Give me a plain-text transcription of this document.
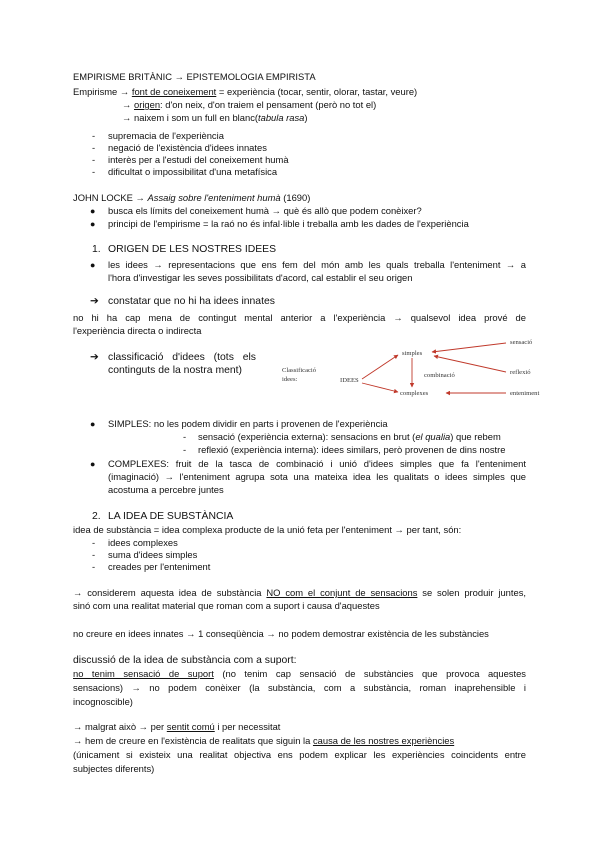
EMPIRISME BRITÀNIC → EPISTEMOLOGIA EMPIRISTA
Empirisme → font de coneixement = experiència (tocar, sentir, olorar, tastar, veure)
→ origen: d'on neix, d'on traiem el pensament (però no tot el)
→ naixem i som un full en blanc(tabula rasa)
- supremacia de l'experiència
- negació de l'existència d'idees innates
- interès per a l'estudi del coneixement humà
- dificultat o impossibilitat d'una metafísica
JOHN LOCKE → Assaig sobre l'enteniment humà (1690)
● busca els límits del coneixement humà → què és allò que podem conèixer?
● principi de l'empirisme = la raó no és infal·lible i treballa amb les dades de l'experiència
1. ORIGEN DE LES NOSTRES IDEES
● les idees → representacions que ens fem del món amb les quals treballa l'enteniment → a
l'hora d'investigar les seves possibilitats d'acord, cal establir el seu origen
➔ constatar que no hi ha idees innates
no hi ha cap mena de contingut mental anterior a l'experiència → qualsevol idea prové de
l'experiència directa o indirecta
➔ classificació d'idees (tots els
continguts de la nostra ment)	Classificació
idees:	IDEES
simples
combinació
complexes
sensació
reflexió
enteniment
● SIMPLES: no les podem dividir en parts i provenen de l'experiència
- sensació (experiència externa): sensacions en brut (el qualia) que rebem
- reflexió (experiència interna): idees similars, però provenen de dins nostre
● COMPLEXES: fruit de la tasca de combinació i unió d'idees simples que fa l'enteniment
(imaginació) → l'enteniment agrupa sota una mateixa idea les qualitats o idees simples que
acostuma a percebre juntes
2. LA IDEA DE SUBSTÀNCIA
idea de substància = idea complexa producte de la unió feta per l'enteniment → per tant, són:
- idees complexes
- suma d'idees simples
- creades per l'enteniment
→ considerem aquesta idea de substància NO com el conjunt de sensacions se solen produir juntes,
sinó com una realitat material que roman com a suport i causa d'aquestes
no creure en idees innates → 1 conseqüència → no podem demostrar existència de les substàncies
discussió de la idea de substància com a suport:
no tenim sensació de suport (no tenim cap sensació de substàncies que provoca aquestes
sensacions) → no podem conèixer (la substància, com a substància, roman inaprehensible i
incognoscible)
→ malgrat això → per sentit comú i per necessitat
→ hem de creure en l'existència de realitats que siguin la causa de les nostres experiències
(únicament si existeix una realitat objectiva ens podem explicar les experiències coincidents entre
subjectes diferents)
